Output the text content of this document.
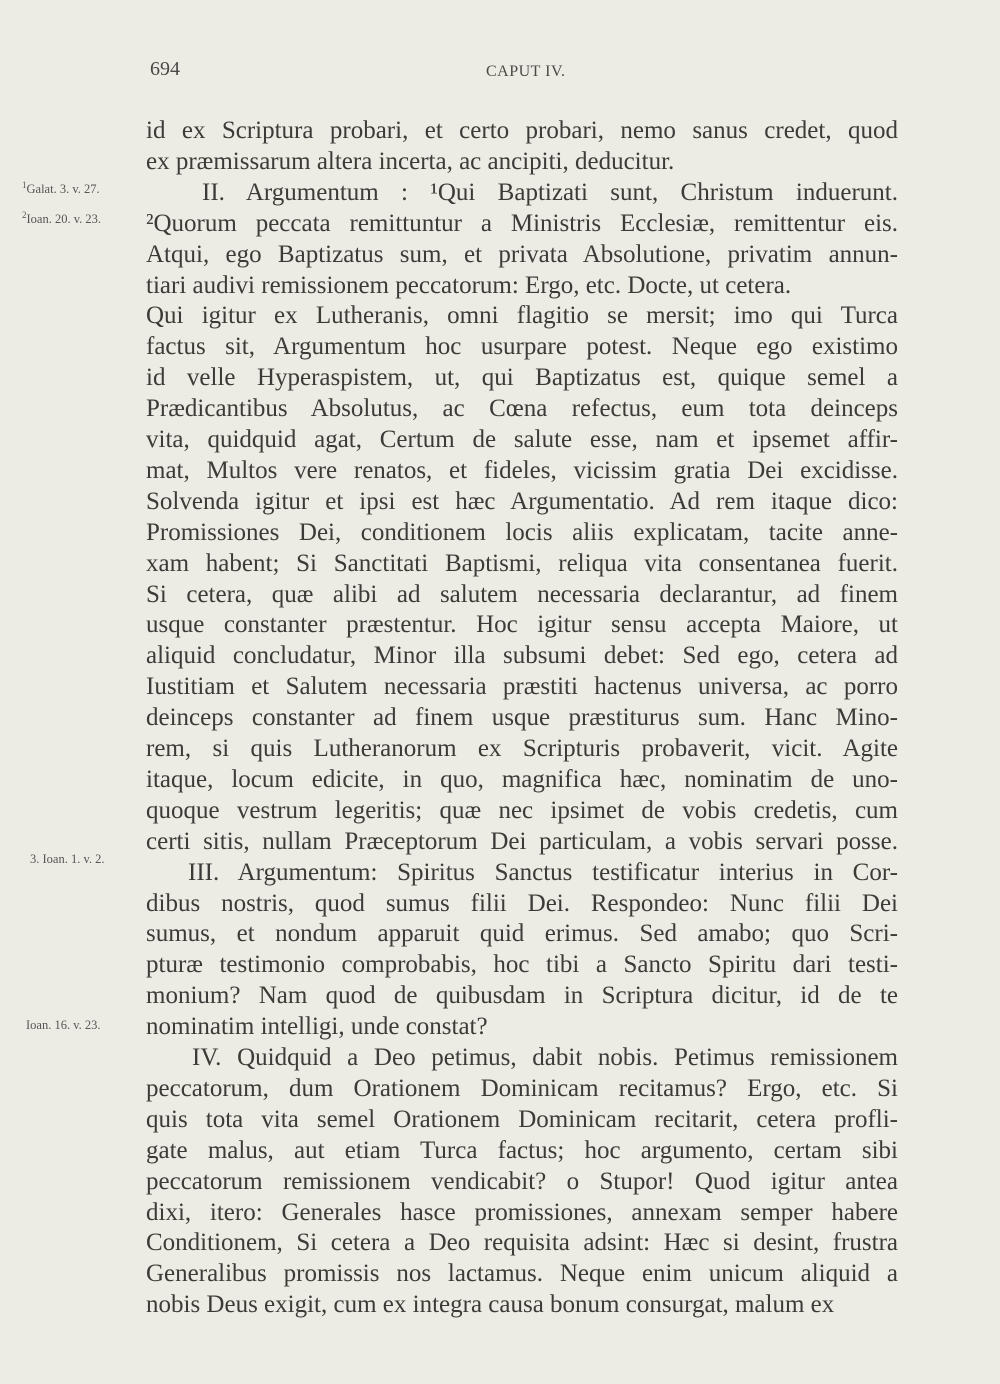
694	CAPUT IV.
$^1$Galat. 3. v. 27.
$^2$Ioan. 20. v. 23.
3. Ioan. 1. v. 2.
Ioan. 16. v. 23.
id ex Scriptura probari, et certo probari, nemo sanus credet, quod
ex præmissarum altera incerta, ac ancipiti, deducitur.
II. Argumentum : ¹Qui Baptizati sunt, Christum induerunt.
²Quorum peccata remittuntur a Ministris Ecclesiæ, remittentur eis.
Atqui, ego Baptizatus sum, et privata Absolutione, privatim annun-
tiari audivi remissionem peccatorum: Ergo, etc. Docte, ut cetera.
Qui igitur ex Lutheranis, omni flagitio se mersit; imo qui Turca
factus sit, Argumentum hoc usurpare potest. Neque ego existimo
id velle Hyperaspistem, ut, qui Baptizatus est, quique semel a
Prædicantibus Absolutus, ac Cœna refectus, eum tota deinceps
vita, quidquid agat, Certum de salute esse, nam et ipsemet affir-
mat, Multos vere renatos, et fideles, vicissim gratia Dei excidisse.
Solvenda igitur et ipsi est hæc Argumentatio. Ad rem itaque dico:
Promissiones Dei, conditionem locis aliis explicatam, tacite anne-
xam habent; Si Sanctitati Baptismi, reliqua vita consentanea fuerit.
Si cetera, quæ alibi ad salutem necessaria declarantur, ad finem
usque constanter præstentur. Hoc igitur sensu accepta Maiore, ut
aliquid concludatur, Minor illa subsumi debet: Sed ego, cetera ad
Iustitiam et Salutem necessaria præstiti hactenus universa, ac porro
deinceps constanter ad finem usque præstiturus sum. Hanc Mino-
rem, si quis Lutheranorum ex Scripturis probaverit, vicit. Agite
itaque, locum edicite, in quo, magnifica hæc, nominatim de uno-
quoque vestrum legeritis; quæ nec ipsimet de vobis credetis, cum
certi sitis, nullam Præceptorum Dei particulam, a vobis servari posse.
III. Argumentum: Spiritus Sanctus testificatur interius in Cor-
dibus nostris, quod sumus filii Dei. Respondeo: Nunc filii Dei
sumus, et nondum apparuit quid erimus. Sed amabo; quo Scri-
pturæ testimonio comprobabis, hoc tibi a Sancto Spiritu dari testi-
monium? Nam quod de quibusdam in Scriptura dicitur, id de te
nominatim intelligi, unde constat?
IV. Quidquid a Deo petimus, dabit nobis. Petimus remissionem
peccatorum, dum Orationem Dominicam recitamus? Ergo, etc. Si
quis tota vita semel Orationem Dominicam recitarit, cetera profli-
gate malus, aut etiam Turca factus; hoc argumento, certam sibi
peccatorum remissionem vendicabit? o Stupor! Quod igitur antea
dixi, itero: Generales hasce promissiones, annexam semper habere
Conditionem, Si cetera a Deo requisita adsint: Hæc si desint, frustra
Generalibus promissis nos lactamus. Neque enim unicum aliquid a
nobis Deus exigit, cum ex integra causa bonum consurgat, malum ex
